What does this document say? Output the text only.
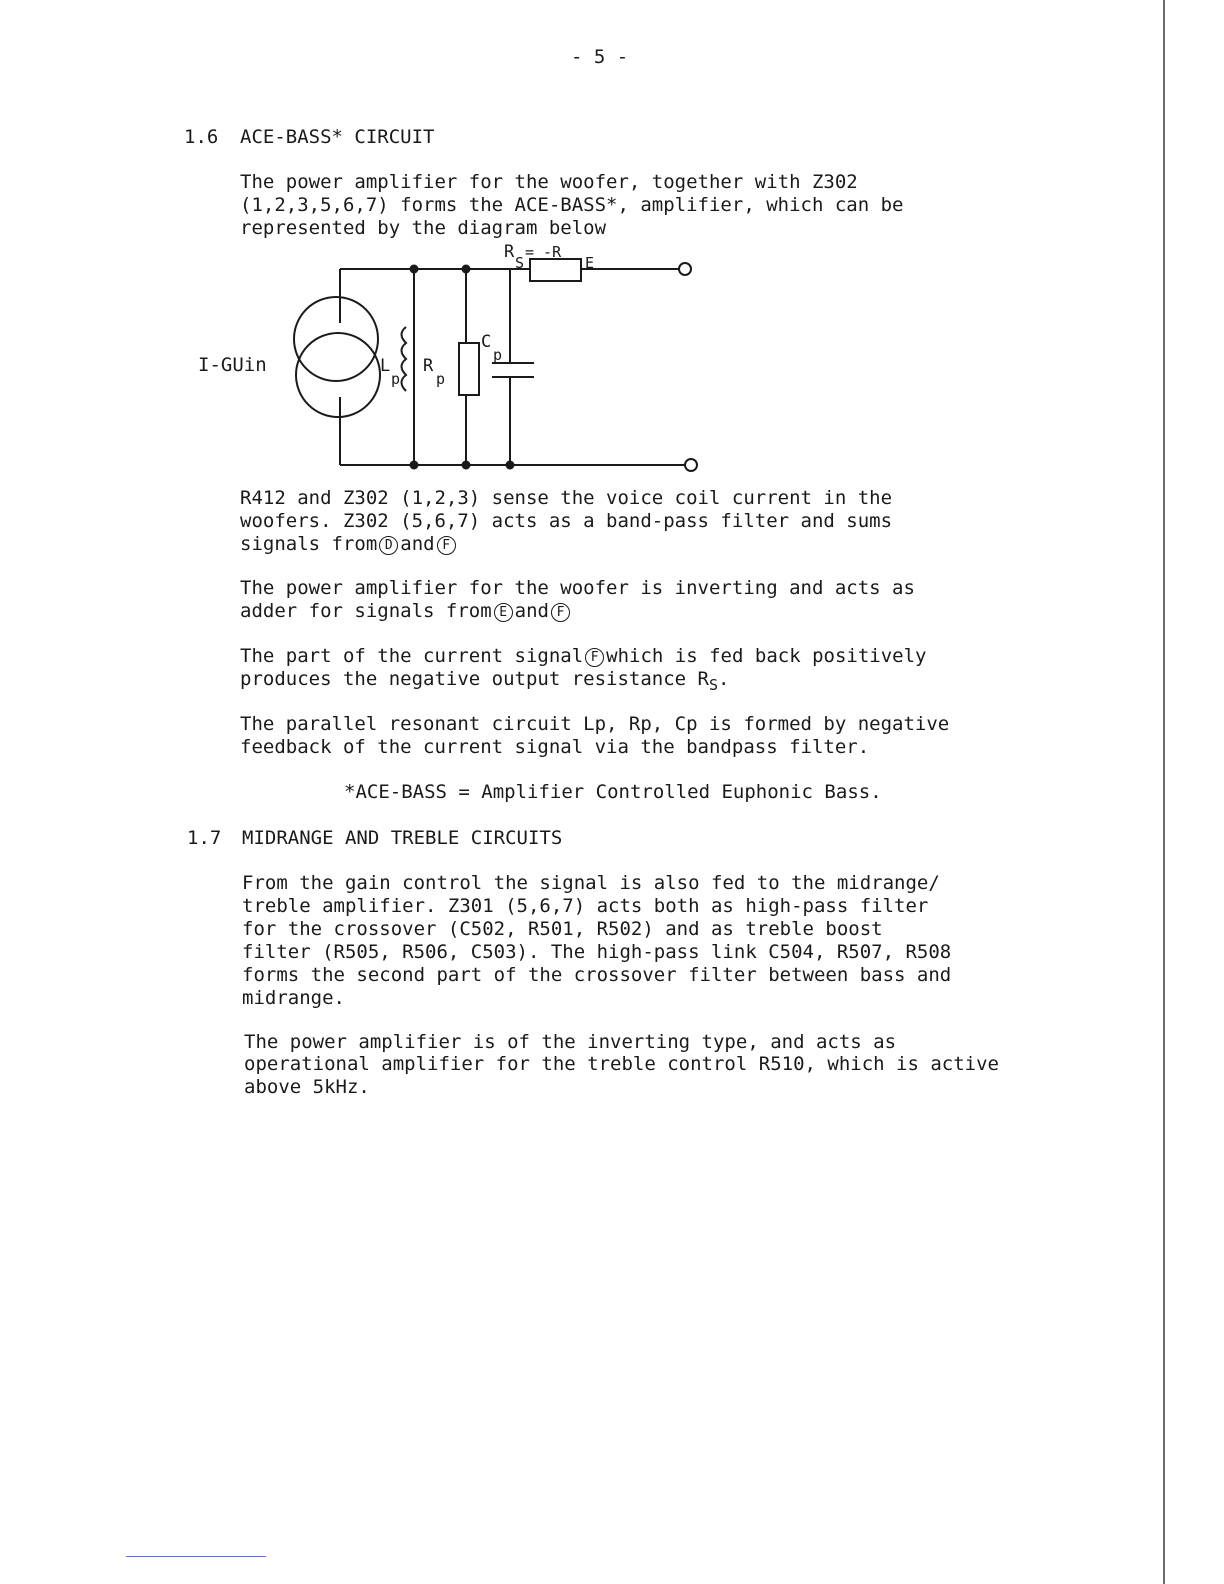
- 5 -
1.6 ACE-BASS* CIRCUIT
The power amplifier for the woofer, together with Z302
(1,2,3,5,6,7) forms the ACE-BASS*, amplifier, which can be
represented by the diagram below
I-GUin	L
p
R
p
C
p
R
S
= -R
E
R412 and Z302 (1,2,3) sense the voice coil current in the
woofers. Z302 (5,6,7) acts as a band-pass filter and sums
signals from D and F
The power amplifier for the woofer is inverting and acts as
adder for signals from E and F
The part of the current signal F which is fed back positively
produces the negative output resistance $R_S$.
The parallel resonant circuit Lp, Rp, Cp is formed by negative
feedback of the current signal via the bandpass filter.
*ACE-BASS = Amplifier Controlled Euphonic Bass.
1.7 MIDRANGE AND TREBLE CIRCUITS
From the gain control the signal is also fed to the midrange/
treble amplifier. Z301 (5,6,7) acts both as high-pass filter
for the crossover (C502, R501, R502) and as treble boost
filter (R505, R506, C503). The high-pass link C504, R507, R508
forms the second part of the crossover filter between bass and
midrange.
The power amplifier is of the inverting type, and acts as
operational amplifier for the treble control R510, which is active
above 5kHz.
